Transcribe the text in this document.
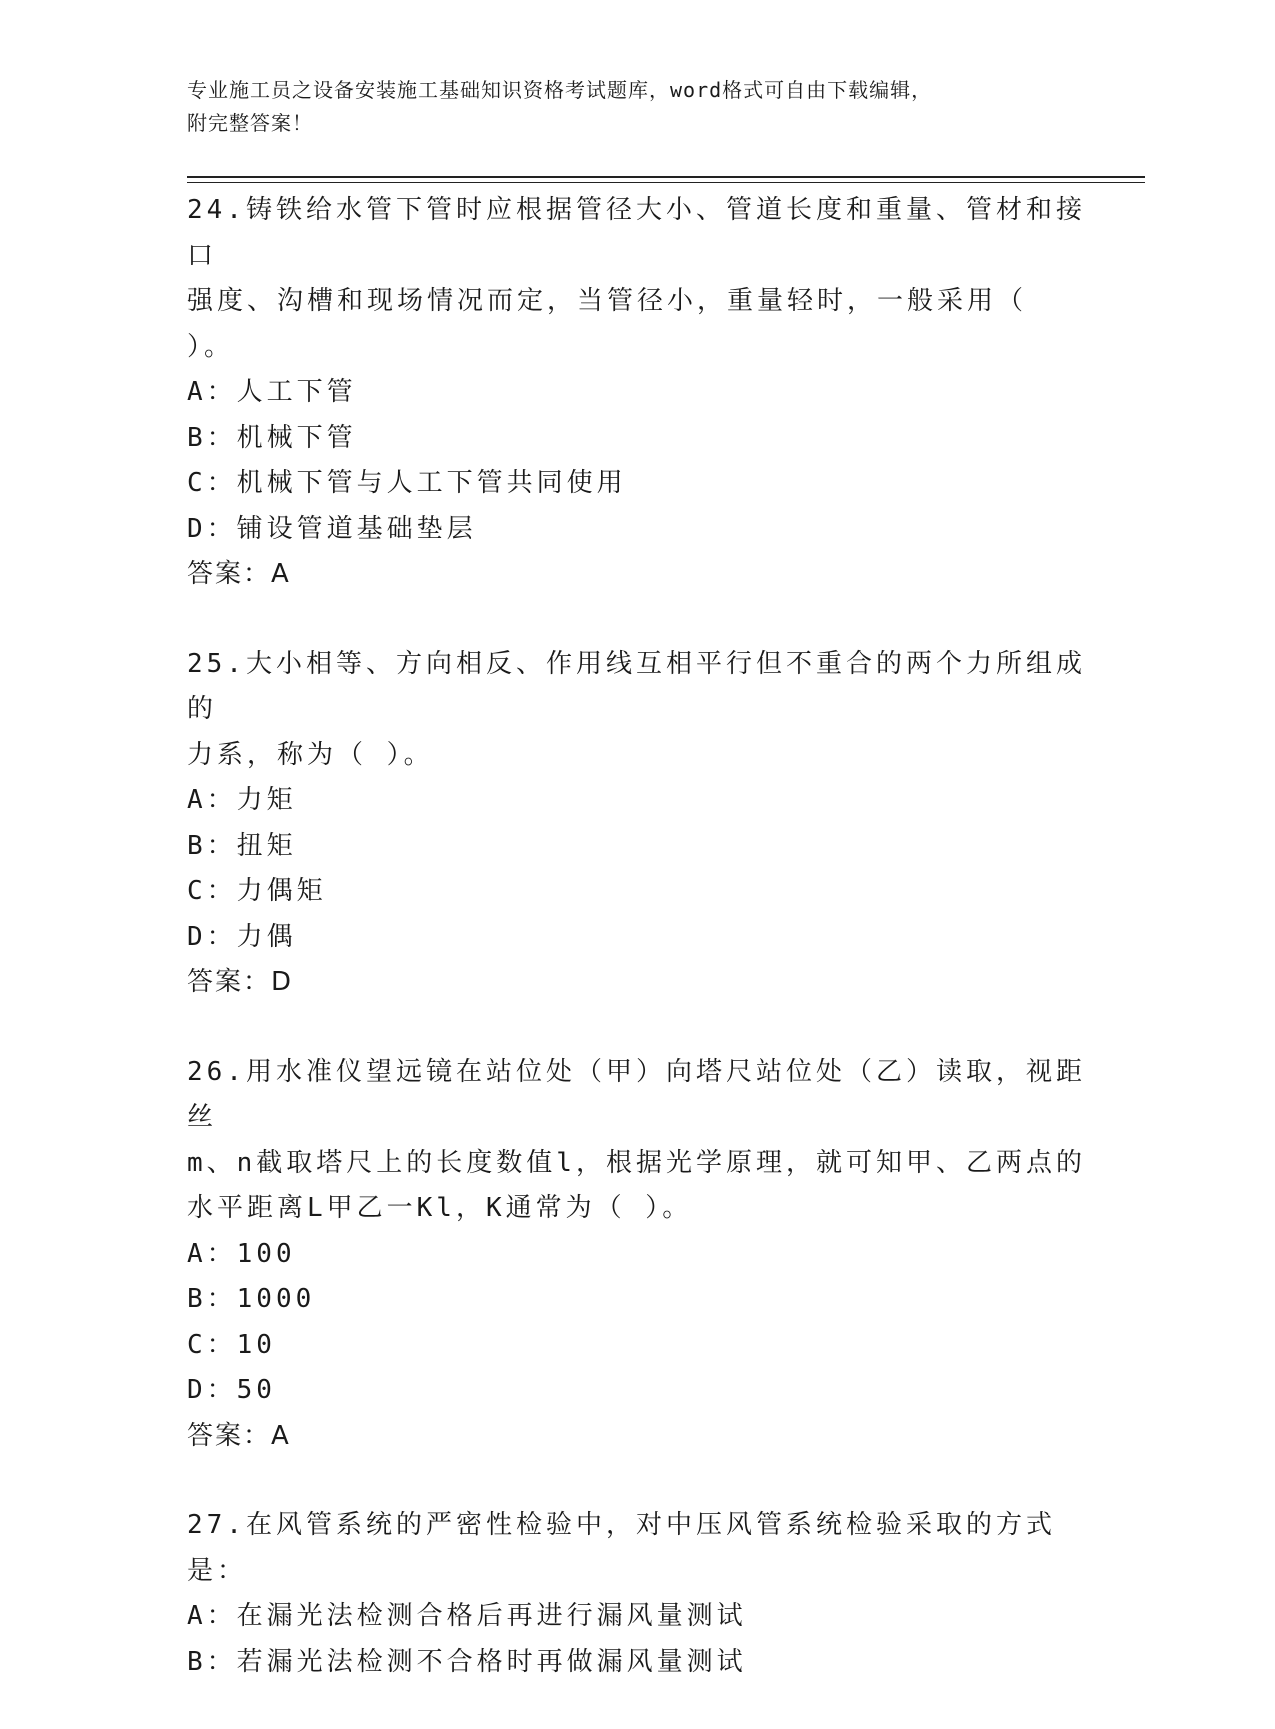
专业施工员之设备安装施工基础知识资格考试题库，word格式可自由下载编辑，
附完整答案！
24.铸铁给水管下管时应根据管径大小、管道长度和重量、管材和接口
强度、沟槽和现场情况而定，当管径小，重量轻时，一般采用（ ）。
A：人工下管
B：机械下管
C：机械下管与人工下管共同使用
D：铺设管道基础垫层
答案：A
25.大小相等、方向相反、作用线互相平行但不重合的两个力所组成的
力系，称为（ ）。
A：力矩
B：扭矩
C：力偶矩
D：力偶
答案：D
26.用水准仪望远镜在站位处（甲）向塔尺站位处（乙）读取，视距丝
m、n截取塔尺上的长度数值l，根据光学原理，就可知甲、乙两点的
水平距离L甲乙一Kl，K通常为（ ）。
A：100
B：1000
C：10
D：50
答案：A
27.在风管系统的严密性检验中，对中压风管系统检验采取的方式是：
A：在漏光法检测合格后再进行漏风量测试
B：若漏光法检测不合格时再做漏风量测试
